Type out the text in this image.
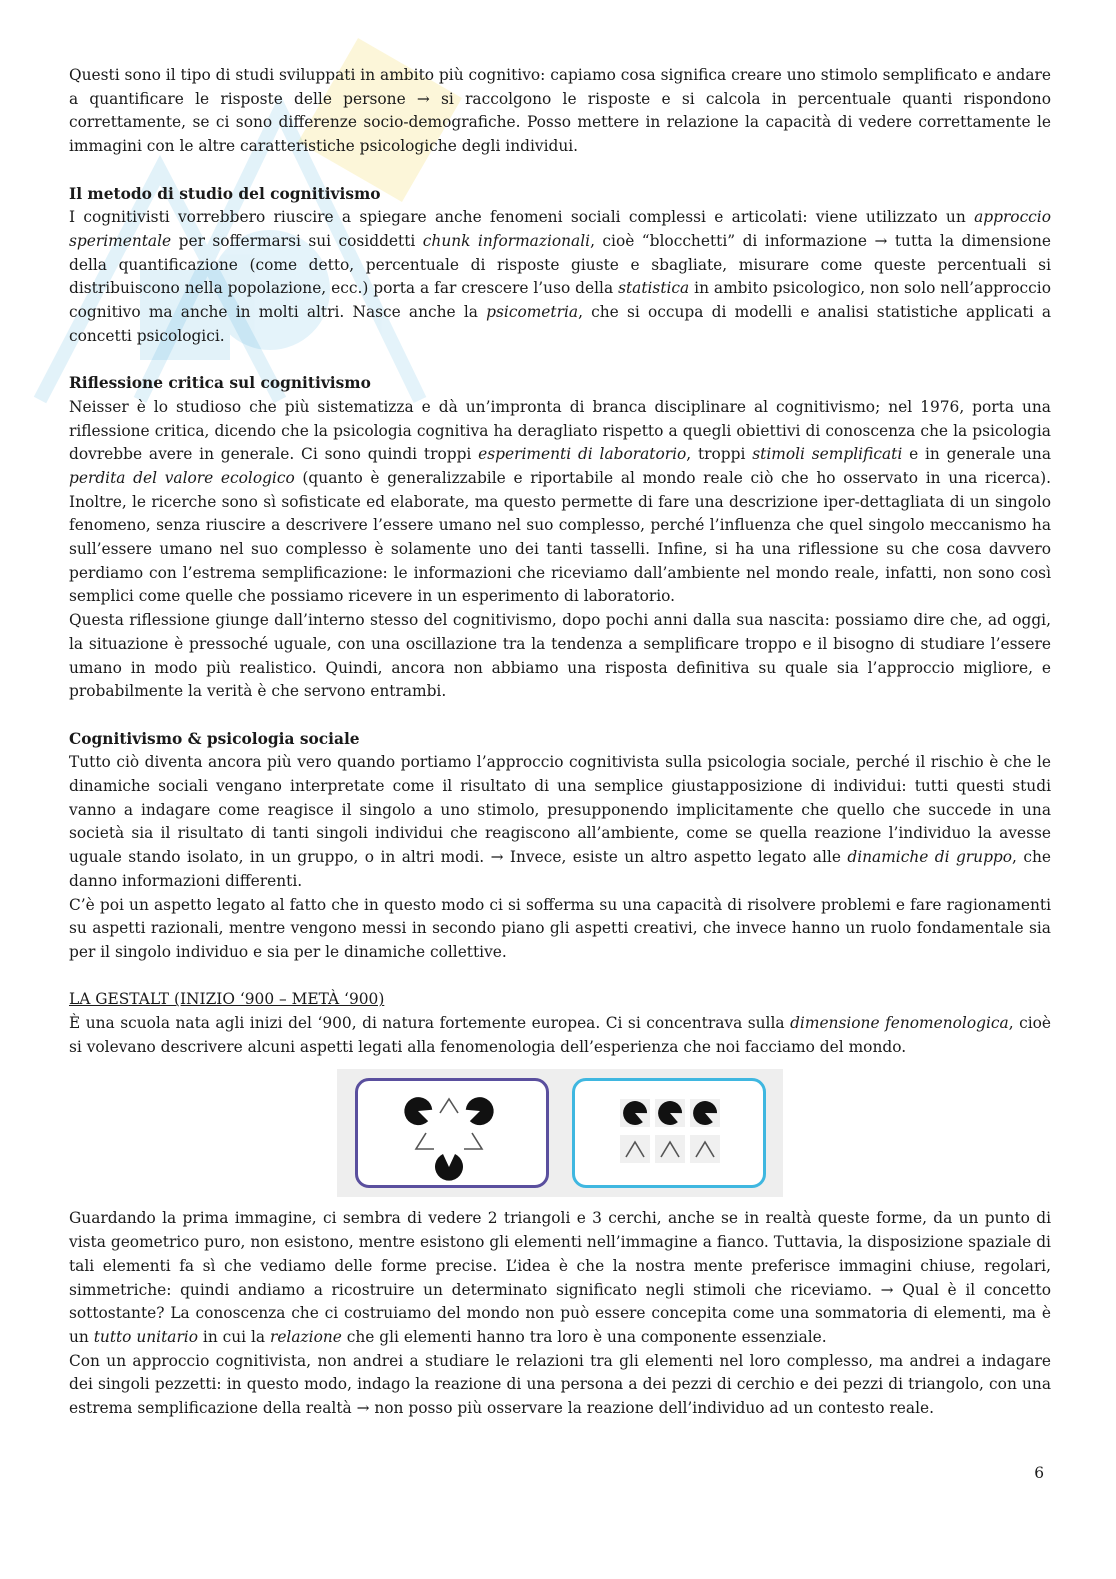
Questi sono il tipo di studi sviluppati in ambito più cognitivo: capiamo cosa significa creare uno stimolo semplificato e andare a quantificare le risposte delle persone → si raccolgono le risposte e si calcola in percentuale quanti rispondono correttamente, se ci sono differenze socio-demografiche. Posso mettere in relazione la capacità di vedere correttamente le immagini con le altre caratteristiche psicologiche degli individui.

Il metodo di studio del cognitivismo

I cognitivisti vorrebbero riuscire a spiegare anche fenomeni sociali complessi e articolati: viene utilizzato un approccio sperimentale per soffermarsi sui cosiddetti chunk informazionali, cioè “blocchetti” di informazione → tutta la dimensione della quantificazione (come detto, percentuale di risposte giuste e sbagliate, misurare come queste percentuali si distribuiscono nella popolazione, ecc.) porta a far crescere l’uso della statistica in ambito psicologico, non solo nell’approccio cognitivo ma anche in molti altri. Nasce anche la psicometria, che si occupa di modelli e analisi statistiche applicati a concetti psicologici.

Riflessione critica sul cognitivismo

Neisser è lo studioso che più sistematizza e dà un’impronta di branca disciplinare al cognitivismo; nel 1976, porta una riflessione critica, dicendo che la psicologia cognitiva ha deragliato rispetto a quegli obiettivi di conoscenza che la psicologia dovrebbe avere in generale. Ci sono quindi troppi esperimenti di laboratorio, troppi stimoli semplificati e in generale una perdita del valore ecologico (quanto è generalizzabile e riportabile al mondo reale ciò che ho osservato in una ricerca). Inoltre, le ricerche sono sì sofisticate ed elaborate, ma questo permette di fare una descrizione iper-dettagliata di un singolo fenomeno, senza riuscire a descrivere l’essere umano nel suo complesso, perché l’influenza che quel singolo meccanismo ha sull’essere umano nel suo complesso è solamente uno dei tanti tasselli. Infine, si ha una riflessione su che cosa davvero perdiamo con l’estrema semplificazione: le informazioni che riceviamo dall’ambiente nel mondo reale, infatti, non sono così semplici come quelle che possiamo ricevere in un esperimento di laboratorio.

Questa riflessione giunge dall’interno stesso del cognitivismo, dopo pochi anni dalla sua nascita: possiamo dire che, ad oggi, la situazione è pressoché uguale, con una oscillazione tra la tendenza a semplificare troppo e il bisogno di studiare l’essere umano in modo più realistico. Quindi, ancora non abbiamo una risposta definitiva su quale sia l’approccio migliore, e probabilmente la verità è che servono entrambi.

Cognitivismo & psicologia sociale

Tutto ciò diventa ancora più vero quando portiamo l’approccio cognitivista sulla psicologia sociale, perché il rischio è che le dinamiche sociali vengano interpretate come il risultato di una semplice giustapposizione di individui: tutti questi studi vanno a indagare come reagisce il singolo a uno stimolo, presupponendo implicitamente che quello che succede in una società sia il risultato di tanti singoli individui che reagiscono all’ambiente, come se quella reazione l’individuo la avesse uguale stando isolato, in un gruppo, o in altri modi. → Invece, esiste un altro aspetto legato alle dinamiche di gruppo, che danno informazioni differenti.

C’è poi un aspetto legato al fatto che in questo modo ci si sofferma su una capacità di risolvere problemi e fare ragionamenti su aspetti razionali, mentre vengono messi in secondo piano gli aspetti creativi, che invece hanno un ruolo fondamentale sia per il singolo individuo e sia per le dinamiche collettive.

LA GESTALT (INIZIO ‘900 – METÀ ‘900)

È una scuola nata agli inizi del ‘900, di natura fortemente europea. Ci si concentrava sulla dimensione fenomenologica, cioè si volevano descrivere alcuni aspetti legati alla fenomenologia dell’esperienza che noi facciamo del mondo.

Guardando la prima immagine, ci sembra di vedere 2 triangoli e 3 cerchi, anche se in realtà queste forme, da un punto di vista geometrico puro, non esistono, mentre esistono gli elementi nell’immagine a fianco. Tuttavia, la disposizione spaziale di tali elementi fa sì che vediamo delle forme precise. L’idea è che la nostra mente preferisce immagini chiuse, regolari, simmetriche: quindi andiamo a ricostruire un determinato significato negli stimoli che riceviamo. → Qual è il concetto sottostante? La conoscenza che ci costruiamo del mondo non può essere concepita come una sommatoria di elementi, ma è un tutto unitario in cui la relazione che gli elementi hanno tra loro è una componente essenziale.

Con un approccio cognitivista, non andrei a studiare le relazioni tra gli elementi nel loro complesso, ma andrei a indagare dei singoli pezzetti: in questo modo, indago la reazione di una persona a dei pezzi di cerchio e dei pezzi di triangolo, con una estrema semplificazione della realtà → non posso più osservare la reazione dell’individuo ad un contesto reale.

6
